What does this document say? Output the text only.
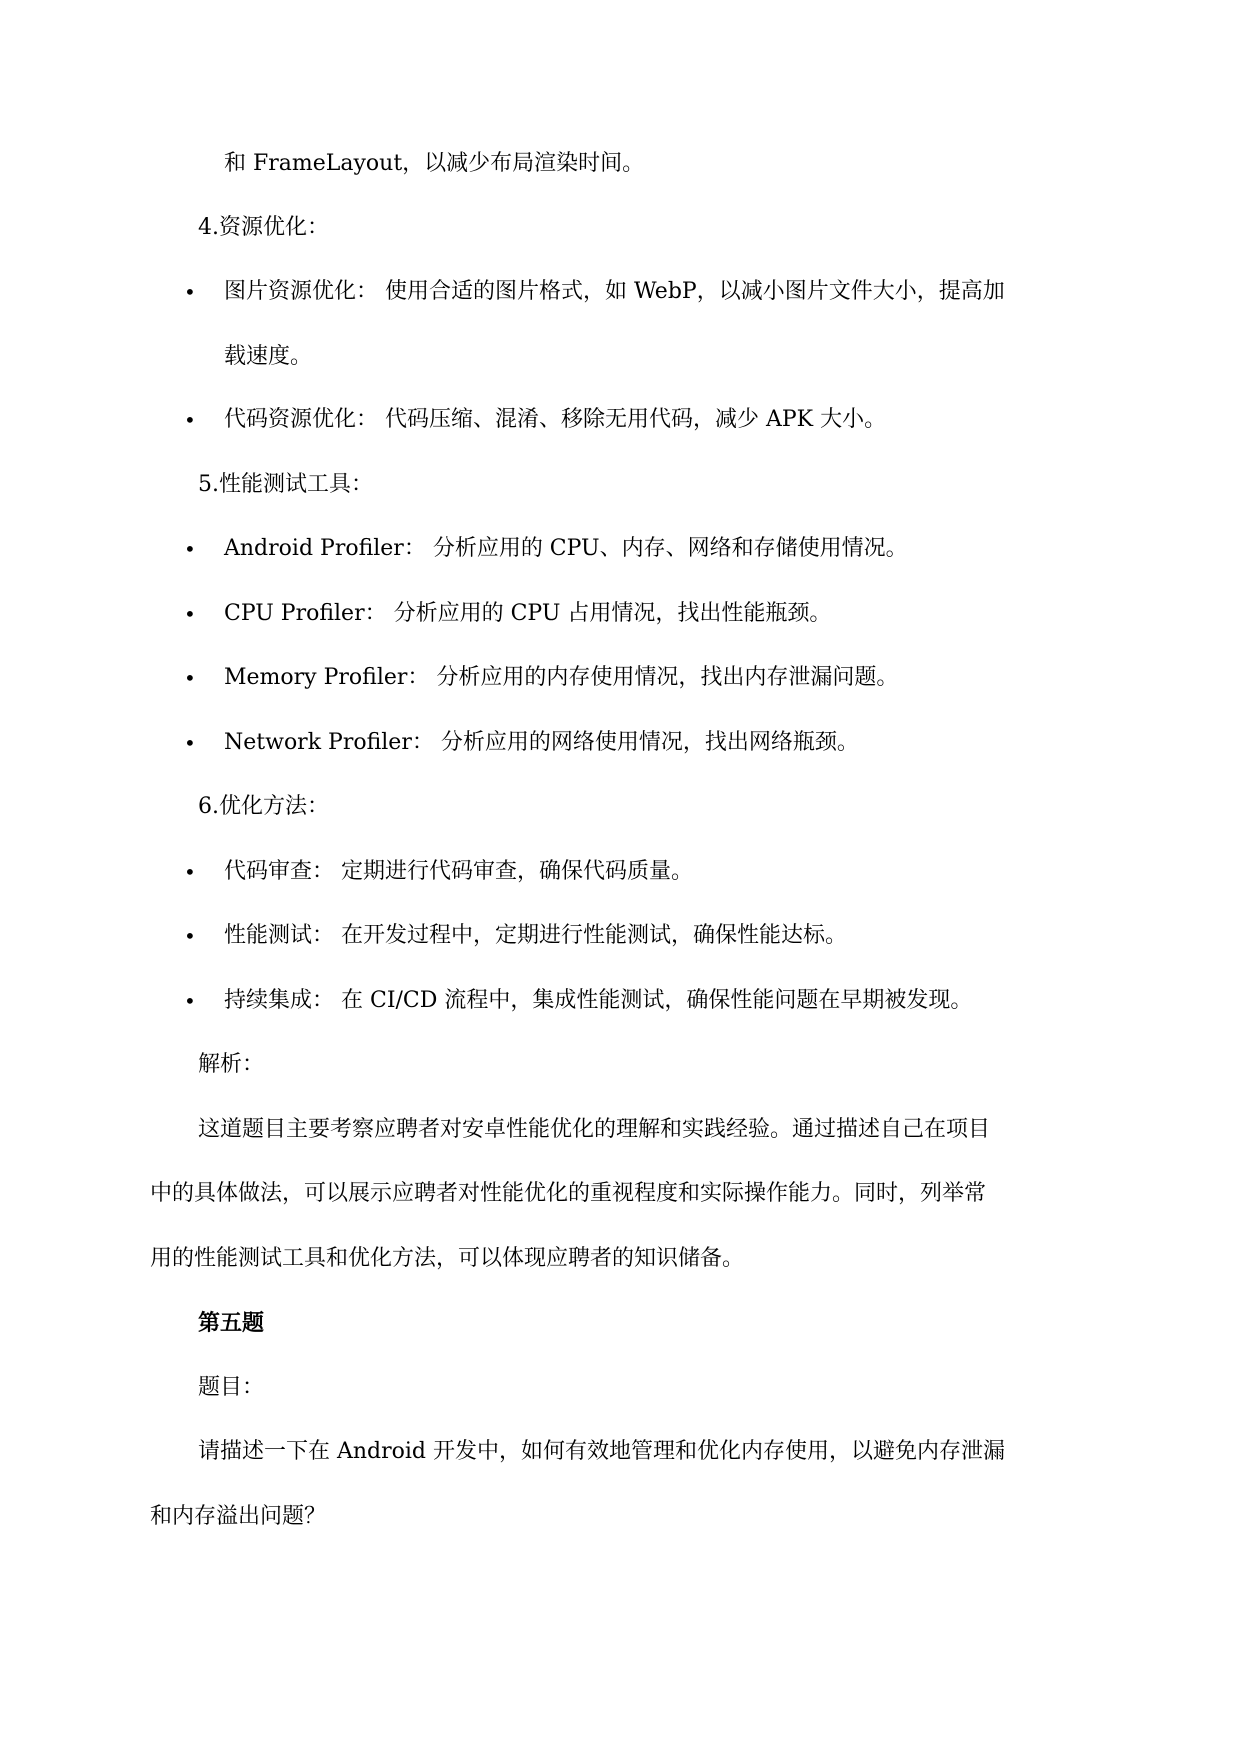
和 FrameLayout，以减少布局渲染时间。
4.资源优化：
• 图片资源优化： 使用合适的图片格式，如 WebP，以减小图片文件大小，提高加
载速度。
• 代码资源优化： 代码压缩、混淆、移除无用代码，减少 APK 大小。
5.性能测试工具：
• Android Profiler： 分析应用的 CPU、内存、网络和存储使用情况。
• CPU Profiler： 分析应用的 CPU 占用情况，找出性能瓶颈。
• Memory Profiler： 分析应用的内存使用情况，找出内存泄漏问题。
• Network Profiler： 分析应用的网络使用情况，找出网络瓶颈。
6.优化方法：
• 代码审查： 定期进行代码审查，确保代码质量。
• 性能测试： 在开发过程中，定期进行性能测试，确保性能达标。
• 持续集成： 在 CI/CD 流程中，集成性能测试，确保性能问题在早期被发现。
解析：
这道题目主要考察应聘者对安卓性能优化的理解和实践经验。通过描述自己在项目
中的具体做法，可以展示应聘者对性能优化的重视程度和实际操作能力。同时，列举常
用的性能测试工具和优化方法，可以体现应聘者的知识储备。
第五题
题目：
请描述一下在 Android 开发中，如何有效地管理和优化内存使用，以避免内存泄漏
和内存溢出问题？
